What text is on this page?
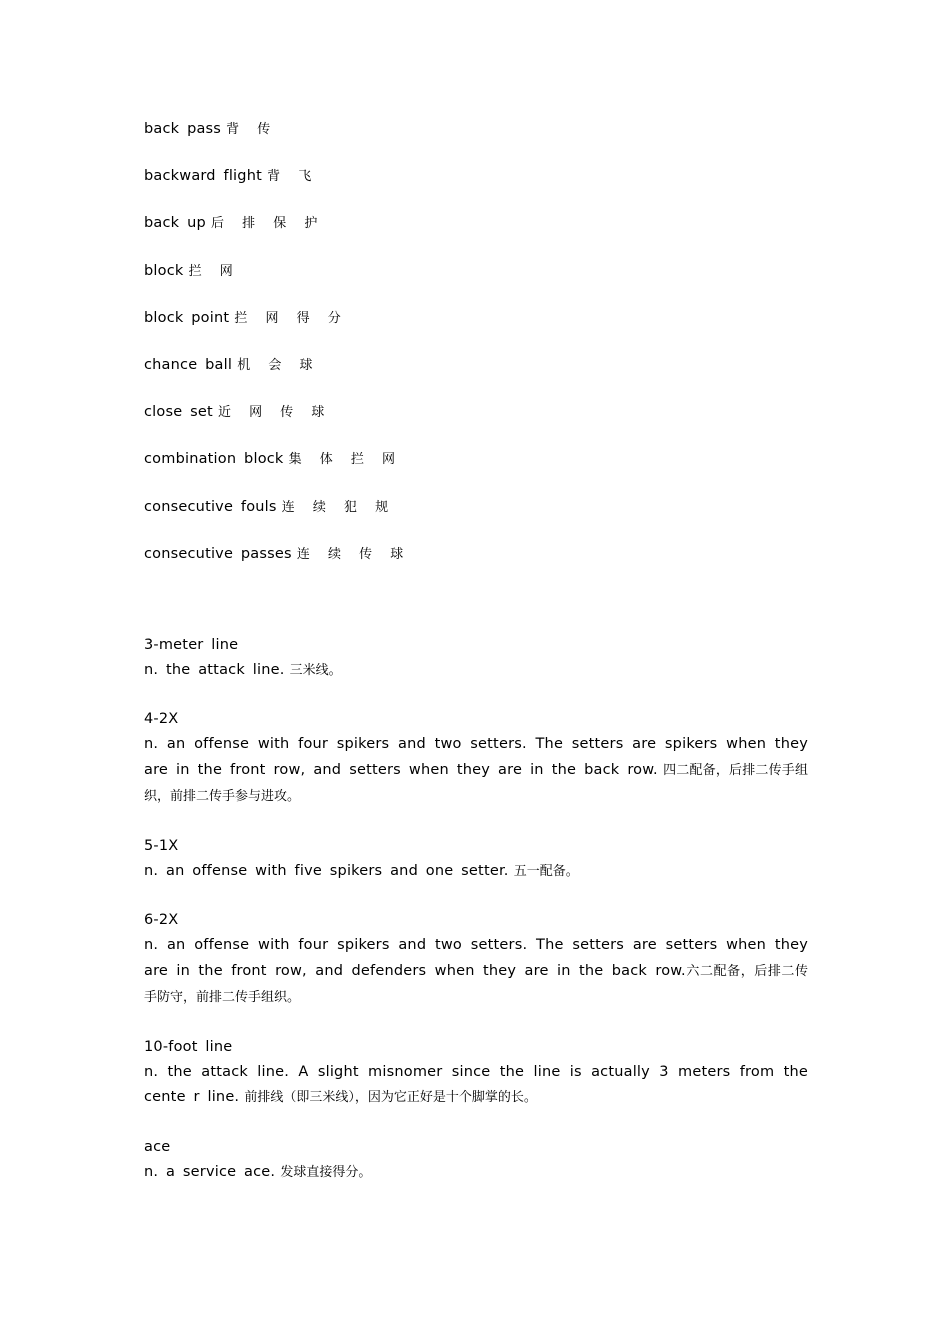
back pass 背 传
backward flight 背 飞
back up 后 排 保 护
block 拦 网
block point 拦 网 得 分
chance ball 机 会 球
close set 近 网 传 球
combination block 集 体 拦 网
consecutive fouls 连 续 犯 规
consecutive passes 连 续 传 球
3-meter line
n. the attack line. 三米线。
4-2X
n. an offense with four spikers and two setters. The setters are spikers when they are in the front row, and setters when they are in the back row. 四二配备，后排二传手组织，前排二传手参与进攻。
5-1X
n. an offense with five spikers and one setter. 五一配备。
6-2X
n. an offense with four spikers and two setters. The setters are setters when they are in the front row, and defenders when they are in the back row.六二配备，后排二传手防守，前排二传手组织。
10-foot line
n. the attack line. A slight misnomer since the line is actually 3 meters from the cente r line. 前排线（即三米线），因为它正好是十个脚掌的长。
ace
n. a service ace. 发球直接得分。
